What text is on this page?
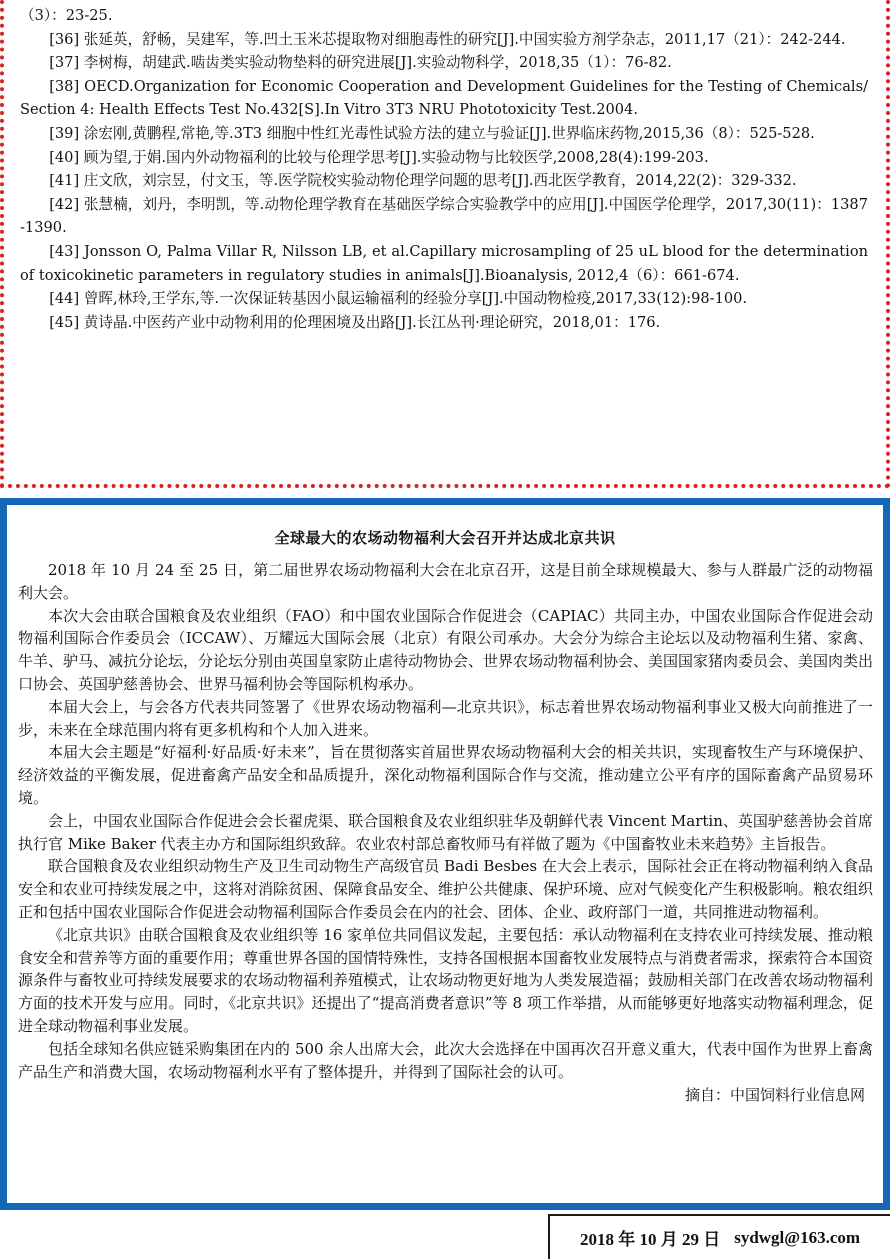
（3）：23-25.

[36] 张延英，舒畅，吴建军，等.凹土玉米芯提取物对细胞毒性的研究[J].中国实验方剂学杂志，2011,17（21）：242-244.

[37] 李树梅，胡建武.啮齿类实验动物垫料的研究进展[J].实验动物科学，2018,35（1）：76-82.

[38] OECD.Organization for Economic Cooperation and Development Guidelines for the Testing of Chemicals/Section 4: Health Effects Test No.432[S].In Vitro 3T3 NRU Phototoxicity Test.2004.

[39] 涂宏刚,黄鹏程,常艳,等.3T3 细胞中性红光毒性试验方法的建立与验证[J].世界临床药物,2015,36（8）：525-528.

[40] 顾为望,于娟.国内外动物福利的比较与伦理学思考[J].实验动物与比较医学,2008,28(4):199-203.

[41] 庄文欣，刘宗昱，付文玉，等.医学院校实验动物伦理学问题的思考[J].西北医学教育，2014,22(2)：329-332.

[42] 张慧楠，刘丹，李明凯，等.动物伦理学教育在基础医学综合实验教学中的应用[J].中国医学伦理学，2017,30(11)：1387-1390.

[43] Jonsson O, Palma Villar R, Nilsson LB, et al.Capillary microsampling of 25 uL blood for the determination of toxicokinetic parameters in regulatory studies in animals[J].Bioanalysis, 2012,4（6）：661-674.

[44] 曾晖,林玲,王学东,等.一次保证转基因小鼠运输福利的经验分享[J].中国动物检疫,2017,33(12):98-100.

[45] 黄诗晶.中医药产业中动物利用的伦理困境及出路[J].长江丛刊·理论研究，2018,01：176.

全球最大的农场动物福利大会召开并达成北京共识

2018 年 10 月 24 至 25 日，第二届世界农场动物福利大会在北京召开，这是目前全球规模最大、参与人群最广泛的动物福利大会。

本次大会由联合国粮食及农业组织（FAO）和中国农业国际合作促进会（CAPIAC）共同主办，中国农业国际合作促进会动物福利国际合作委员会（ICCAW）、万耀远大国际会展（北京）有限公司承办。大会分为综合主论坛以及动物福利生猪、家禽、牛羊、驴马、减抗分论坛，分论坛分别由英国皇家防止虐待动物协会、世界农场动物福利协会、美国国家猪肉委员会、美国肉类出口协会、英国驴慈善协会、世界马福利协会等国际机构承办。

本届大会上，与会各方代表共同签署了《世界农场动物福利—北京共识》，标志着世界农场动物福利事业又极大向前推进了一步，未来在全球范围内将有更多机构和个人加入进来。

本届大会主题是“好福利·好品质·好未来”，旨在贯彻落实首届世界农场动物福利大会的相关共识，实现畜牧生产与环境保护、经济效益的平衡发展，促进畜禽产品安全和品质提升，深化动物福利国际合作与交流，推动建立公平有序的国际畜禽产品贸易环境。

会上，中国农业国际合作促进会会长翟虎渠、联合国粮食及农业组织驻华及朝鲜代表 Vincent Martin、英国驴慈善协会首席执行官 Mike Baker 代表主办方和国际组织致辞。农业农村部总畜牧师马有祥做了题为《中国畜牧业未来趋势》主旨报告。

联合国粮食及农业组织动物生产及卫生司动物生产高级官员 Badi Besbes 在大会上表示，国际社会正在将动物福利纳入食品安全和农业可持续发展之中，这将对消除贫困、保障食品安全、维护公共健康、保护环境、应对气候变化产生积极影响。粮农组织正和包括中国农业国际合作促进会动物福利国际合作委员会在内的社会、团体、企业、政府部门一道，共同推进动物福利。

《北京共识》由联合国粮食及农业组织等 16 家单位共同倡议发起，主要包括：承认动物福利在支持农业可持续发展、推动粮食安全和营养等方面的重要作用；尊重世界各国的国情特殊性，支持各国根据本国畜牧业发展特点与消费者需求，探索符合本国资源条件与畜牧业可持续发展要求的农场动物福利养殖模式，让农场动物更好地为人类发展造福；鼓励相关部门在改善农场动物福利方面的技术开发与应用。同时，《北京共识》还提出了“提高消费者意识”等 8 项工作举措，从而能够更好地落实动物福利理念，促进全球动物福利事业发展。

包括全球知名供应链采购集团在内的 500 余人出席大会，此次大会选择在中国再次召开意义重大，代表中国作为世界上畜禽产品生产和消费大国，农场动物福利水平有了整体提升，并得到了国际社会的认可。

摘自：中国饲料行业信息网

2018 年 10 月 29 日 sydwgl@163.com
